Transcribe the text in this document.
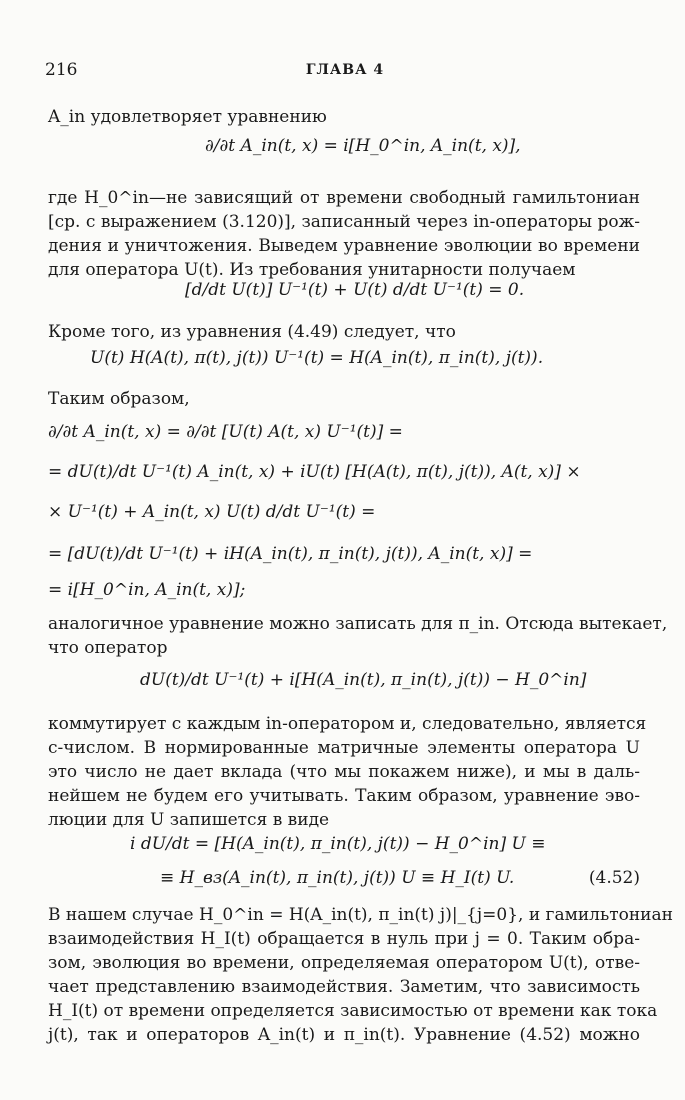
216	ГЛАВА 4
A_in удовлетворяет уравнению
∂/∂t A_in(t, x) = i[H_0^in, A_in(t, x)],
где H_0^in—не зависящий от времени свободный гамильтониан
[ср. с выражением (3.120)], записанный через in-операторы рож-
дения и уничтожения. Выведем уравнение эволюции во времени
для оператора U(t). Из требования унитарности получаем
[d/dt U(t)] U⁻¹(t) + U(t) d/dt U⁻¹(t) = 0.
Кроме того, из уравнения (4.49) следует, что
U(t) H(A(t), π(t), j(t)) U⁻¹(t) = H(A_in(t), π_in(t), j(t)).
Таким образом,
∂/∂t A_in(t, x) = ∂/∂t [U(t) A(t, x) U⁻¹(t)] =
= dU(t)/dt U⁻¹(t) A_in(t, x) + iU(t) [H(A(t), π(t), j(t)), A(t, x)] ×
× U⁻¹(t) + A_in(t, x) U(t) d/dt U⁻¹(t) =
= [dU(t)/dt U⁻¹(t) + iH(A_in(t), π_in(t), j(t)), A_in(t, x)] =
= i[H_0^in, A_in(t, x)];
аналогичное уравнение можно записать для π_in. Отсюда вытекает,
что оператор
dU(t)/dt U⁻¹(t) + i[H(A_in(t), π_in(t), j(t)) − H_0^in]
коммутирует с каждым in-оператором и, следовательно, является
c-числом. В нормированные матричные элементы оператора U
это число не дает вклада (что мы покажем ниже), и мы в даль-
нейшем не будем его учитывать. Таким образом, уравнение эво-
люции для U запишется в виде
i dU/dt = [H(A_in(t), π_in(t), j(t)) − H_0^in] U ≡
≡ H_вз(A_in(t), π_in(t), j(t)) U ≡ H_I(t) U.	(4.52)
В нашем случае H_0^in = H(A_in(t), π_in(t) j)|_{j=0}, и гамильтониан
взаимодействия H_I(t) обращается в нуль при j = 0. Таким обра-
зом, эволюция во времени, определяемая оператором U(t), отве-
чает представлению взаимодействия. Заметим, что зависимость
H_I(t) от времени определяется зависимостью от времени как тока
j(t), так и операторов A_in(t) и π_in(t). Уравнение (4.52) можно
